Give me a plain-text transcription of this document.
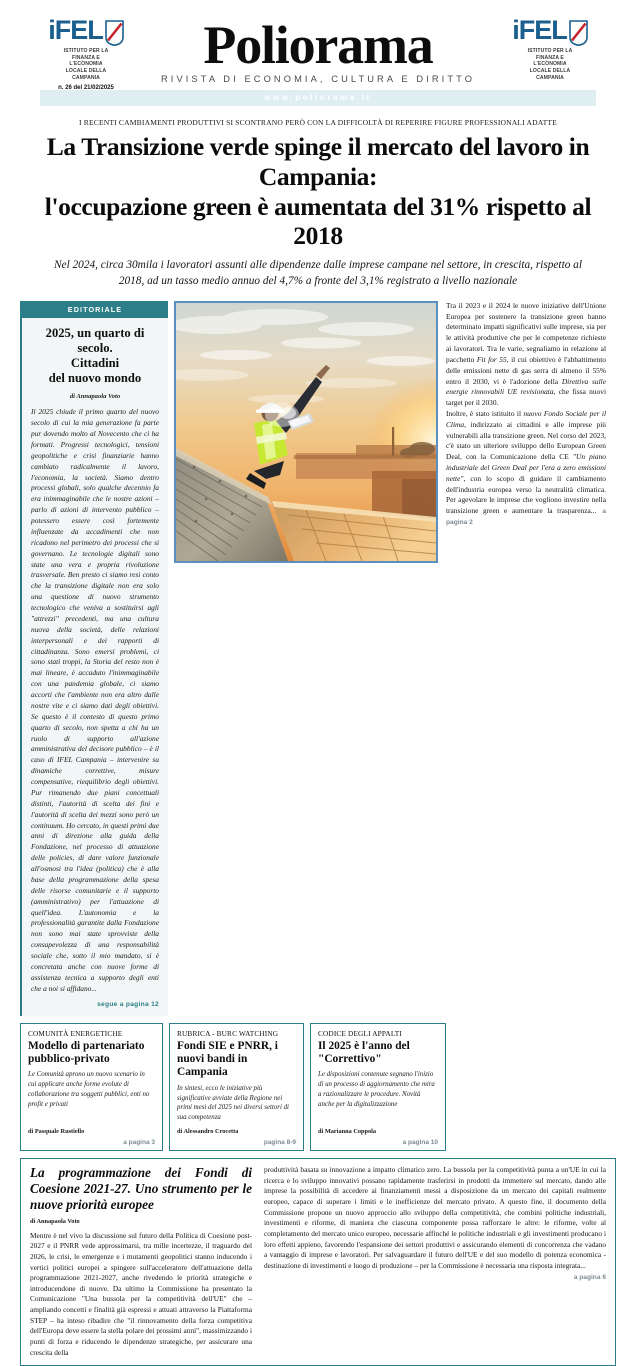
iFEL
ISTITUTO PER LA
FINANZA E
L'ECONOMIA
LOCALE DELLA
CAMPANIA
n. 26 del 21/02/2025
Poliorama
RIVISTA DI ECONOMIA, CULTURA E DIRITTO
iFEL
ISTITUTO PER LA
FINANZA E
L'ECONOMIA
LOCALE DELLA
CAMPANIA
www.poliorama.it
I RECENTI CAMBIAMENTI PRODUTTIVI SI SCONTRANO PERÒ CON LA DIFFICOLTÀ DI REPERIRE FIGURE PROFESSIONALI ADATTE
La Transizione verde spinge il mercato del lavoro in Campania:
l'occupazione green è aumentata del 31% rispetto al 2018
Nel 2024, circa 30mila i lavoratori assunti alle dipendenze dalle imprese campane nel settore, in crescita, rispetto al 2018, ad un tasso medio annuo del 4,7% a fronte del 3,1% registrato a livello nazionale
EDITORIALE
2025, un quarto di secolo.
Cittadini
del nuovo mondo
di Annapaola Voto
Il 2025 chiude il primo quarto del nuovo secolo di cui la mia generazione fa parte pur dovendo molto al Novecento che ci ha formati. Progressi tecnologici, tensioni geopolitiche e crisi finanziarie hanno cambiato radicalmente il lavoro, l'economia, la società. Siamo dentro processi globali, solo qualche decennio fa era inimmaginabile che le nostre azioni – parlo di azioni di intervento pubblico – potessero essere così fortemente influenzate da accadimenti che non ricadono nel perimetro dei processi che si governano. Le tecnologie digitali sono state una vera e propria rivoluzione trasversale. Ben presto ci siamo resi conto che la transizione digitale non era solo una questione di nuovo strumento tecnologico che veniva a sostituirsi agli "attrezzi" precedenti, ma una cultura nuova della società, delle relazioni interpersonali e dei rapporti di cittadinanza. Sono emersi problemi, ci sono stati troppi, la Storia del resto non è mai lineare, è accaduto l'inimmaginabile con una pandemia globale, ci siamo accorti che l'ambiente non era altro dalle nostre vite e ci siamo dati degli obiettivi. Se questo è il contesto di questo primo quarto di secolo, non spetta a chi ha un ruolo di supporto all'azione amministrativa del decisore pubblico – è il caso di IFEL Campania – intervenire su dinamiche correttive, misure compensative, riequilibrio degli obiettivi. Pur rimanendo due piani concettuali distinti, l'autorità di scelta dei fini e l'autorità di scelta dei mezzi sono però un continuum. Ho cercato, in questi primi due anni di direzione alla guida della Fondazione, nel processo di attuazione delle policies, di dare valore funzionale all'osmosi tra l'idea (politica) che è alla base della programmazione della spesa delle risorse comunitarie e il supporto (amministrativo) per l'attuazione di quell'idea. L'autonomia e la professionalità garantite dalla Fondazione non sono mai state sprovviste della consapevolezza di una responsabilità sociale che, sotto il mio mandato, si è concretata anche con nuove forme di assistenza tecnica a supporto degli enti che a noi si affidano...
segue a pagina 12
Tra il 2023 e il 2024 le nuove iniziative dell'Unione Europea per sostenere la transizione green hanno determinato impatti significativi sulle imprese, sia per le attività produttive che per le competenze richieste ai lavoratori. Tra le varie, segnaliamo in relazione al pacchetto Fit for 55, il cui obiettivo è l'abbattimento delle emissioni nette di gas serra di almeno il 55% entro il 2030, vi è l'adozione della Direttiva sulle energie rinnovabili UE revisionata, che fissa nuovi target per il 2030.
Inoltre, è stato istituito il nuovo Fondo Sociale per il Clima, indirizzato ai cittadini e alle imprese più vulnerabili alla transizione green. Nel corso del 2023, c'è stato un ulteriore sviluppo dello European Green Deal, con la Comunicazione della CE "Un piano industriale del Green Deal per l'era a zero emissioni nette", con lo scopo di guidare il cambiamento dell'industria europea verso la neutralità climatica. Per agevolare le imprese che vogliono investire nella transizione green e aumentare la trasparenza... a pagina 2
COMUNITÀ ENERGETICHE
Modello di partenariato pubblico-privato
Le Comunità aprono un nuovo scenario in cui applicare anche forme evolute di collaborazione tra soggetti pubblici, enti no profit e privati
di Pasquale Rustiello
a pagina 3
RUBRICA - BURC WATCHING
Fondi SIE e PNRR, i nuovi bandi in Campania
In sintesi, ecco le iniziative più significative avviate della Regione nei primi mesi del 2025 nei diversi settori di sua competenza
di Alessandro Crocetta
pagina 8-9
CODICE DEGLI APPALTI
Il 2025 è l'anno del "Correttivo"
Le disposizioni contenute segnano l'inizio di un processo di aggiornamento che mira a razionalizzare le procedure. Novità anche per la digitalizzazione
di Marianna Coppola
a pagina 10
La programmazione dei Fondi di Coesione 2021-27. Uno strumento per le nuove priorità europee
di Annapaola Voto
Mentre è nel vivo la discussione sul futuro della Politica di Coesione post-2027 e il PNRR vede approssimarsi, tra mille incertezze, il traguardo del 2026, le crisi, le emergenze e i mutamenti geopolitici stanno inducendo i vertici politici europei a spingere sull'acceleratore dell'attuazione della programmazione 2021-2027, anche rivedendo le priorità strategiche e introducendone di nuove. Da ultimo la Commissione ha presentato la Comunicazione "Una bussola per la competitività dell'UE" che – ampliando concetti e finalità già espressi e attuati attraverso la Piattaforma STEP – ha inteso ribadire che "il rinnovamento della forza competitiva dell'Europa deve essere la stella polare dei prossimi anni", massimizzando i punti di forza e riducendo le dipendenze strategiche, per assicurare una crescita della
produttività basata su innovazione a impatto climatico zero. La bussola per la competitività punta a un'UE in cui la ricerca e lo sviluppo innovativi possano rapidamente trasferirsi in prodotti da immettere sul mercato, dando alle imprese la possibilità di accedere ai finanziamenti messi a disposizione da un mercato dei capitali realmente europeo, capace di superare i limiti e le inefficienze del mercato privato. A questo fine, il documento della Commissione propone un nuovo approccio allo sviluppo della competitività, che combini politiche industriali, investimenti e riforme, di maniera che ciascuna componente possa rafforzare le altre: le riforme, volte al completamento del mercato unico europeo, necessarie affinché le politiche industriali e gli investimenti producano i loro effetti appieno, favorendo l'espansione dei settori produttivi e assicurando elementi di concorrenza che vadano a vantaggio di imprese e lavoratori. Per salvaguardare il futuro dell'UE e del suo modello di potenza economica - destinazione di investimenti e luogo di produzione – per la Commissione è necessaria una risposta integrata...
a pagina 6
